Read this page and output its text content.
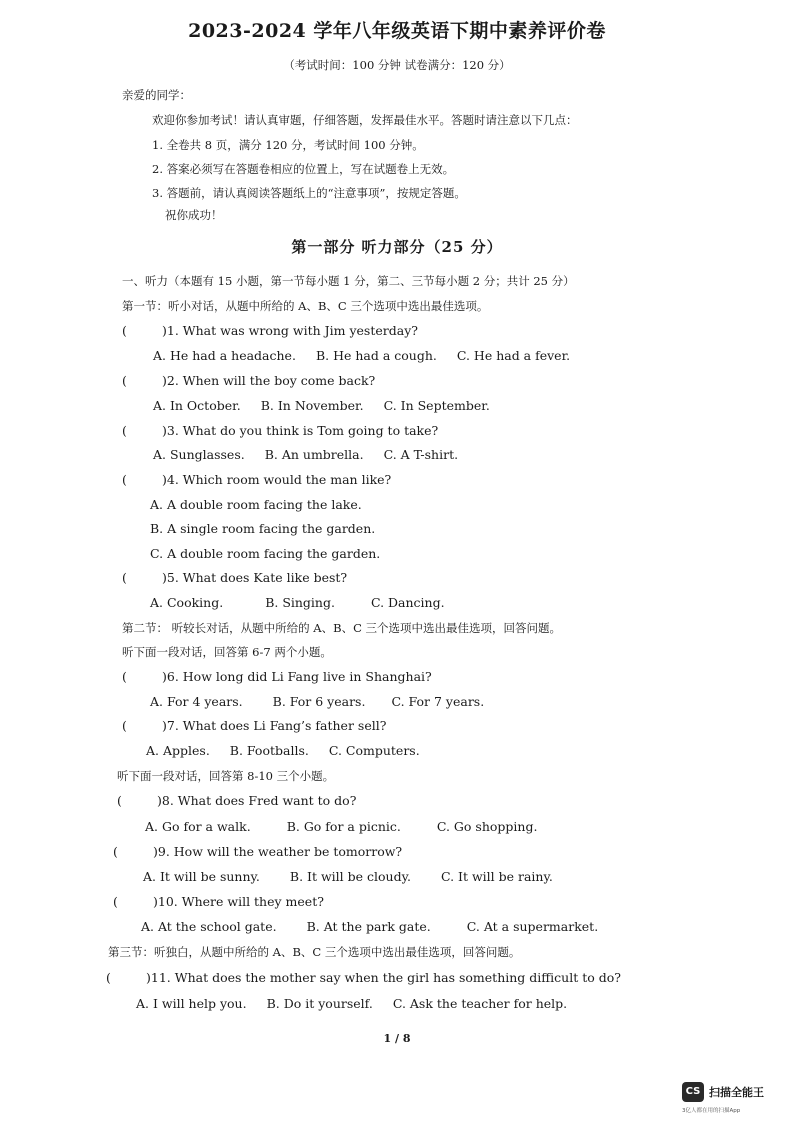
2023-2024 学年八年级英语下期中素养评价卷
（考试时间：100 分钟 试卷满分：120 分）
亲爱的同学：
欢迎你参加考试！请认真审题，仔细答题，发挥最佳水平。答题时请注意以下几点：
1. 全卷共 8 页，满分 120 分，考试时间 100 分钟。
2. 答案必须写在答题卷相应的位置上，写在试题卷上无效。
3. 答题前，请认真阅读答题纸上的“注意事项”，按规定答题。
祝你成功！
第一部分 听力部分（25 分）
一、听力（本题有 15 小题，第一节每小题 1 分，第二、三节每小题 2 分；共计 25 分）
第一节：听小对话，从题中所给的 A、B、C 三个选项中选出最佳选项。
(	)1. What was wrong with Jim yesterday?
A. He had a headache. B. He had a cough. C. He had a fever.
(	)2. When will the boy come back?
A. In October. B. In November. C. In September.
(	)3. What do you think is Tom going to take?
A. Sunglasses. B. An umbrella. C. A T-shirt.
(	)4. Which room would the man like?
A. A double room facing the lake.
B. A single room facing the garden.
C. A double room facing the garden.
(	)5. What does Kate like best?
A. Cooking.	B. Singing.	C. Dancing.
第二节： 听较长对话，从题中所给的 A、B、C 三个选项中选出最佳选项，回答问题。
听下面一段对话，回答第 6-7 两个小题。
(	)6. How long did Li Fang live in Shanghai?
A. For 4 years. B. For 6 years. C. For 7 years.
(	)7. What does Li Fang’s father sell?
A. Apples. B. Footballs. C. Computers.
听下面一段对话，回答第 8-10 三个小题。
(	)8. What does Fred want to do?
A. Go for a walk.	B. Go for a picnic.	C. Go shopping.
(	)9. How will the weather be tomorrow?
A. It will be sunny. B. It will be cloudy. C. It will be rainy.
(	)10. Where will they meet?
A. At the school gate. B. At the park gate.	C. At a supermarket.
第三节：听独白，从题中所给的 A、B、C 三个选项中选出最佳选项，回答问题。
(	)11. What does the mother say when the girl has something difficult to do?
A. I will help you. B. Do it yourself. C. Ask the teacher for help.
1 / 8
CS 扫描全能王
3亿人都在用的扫描App
